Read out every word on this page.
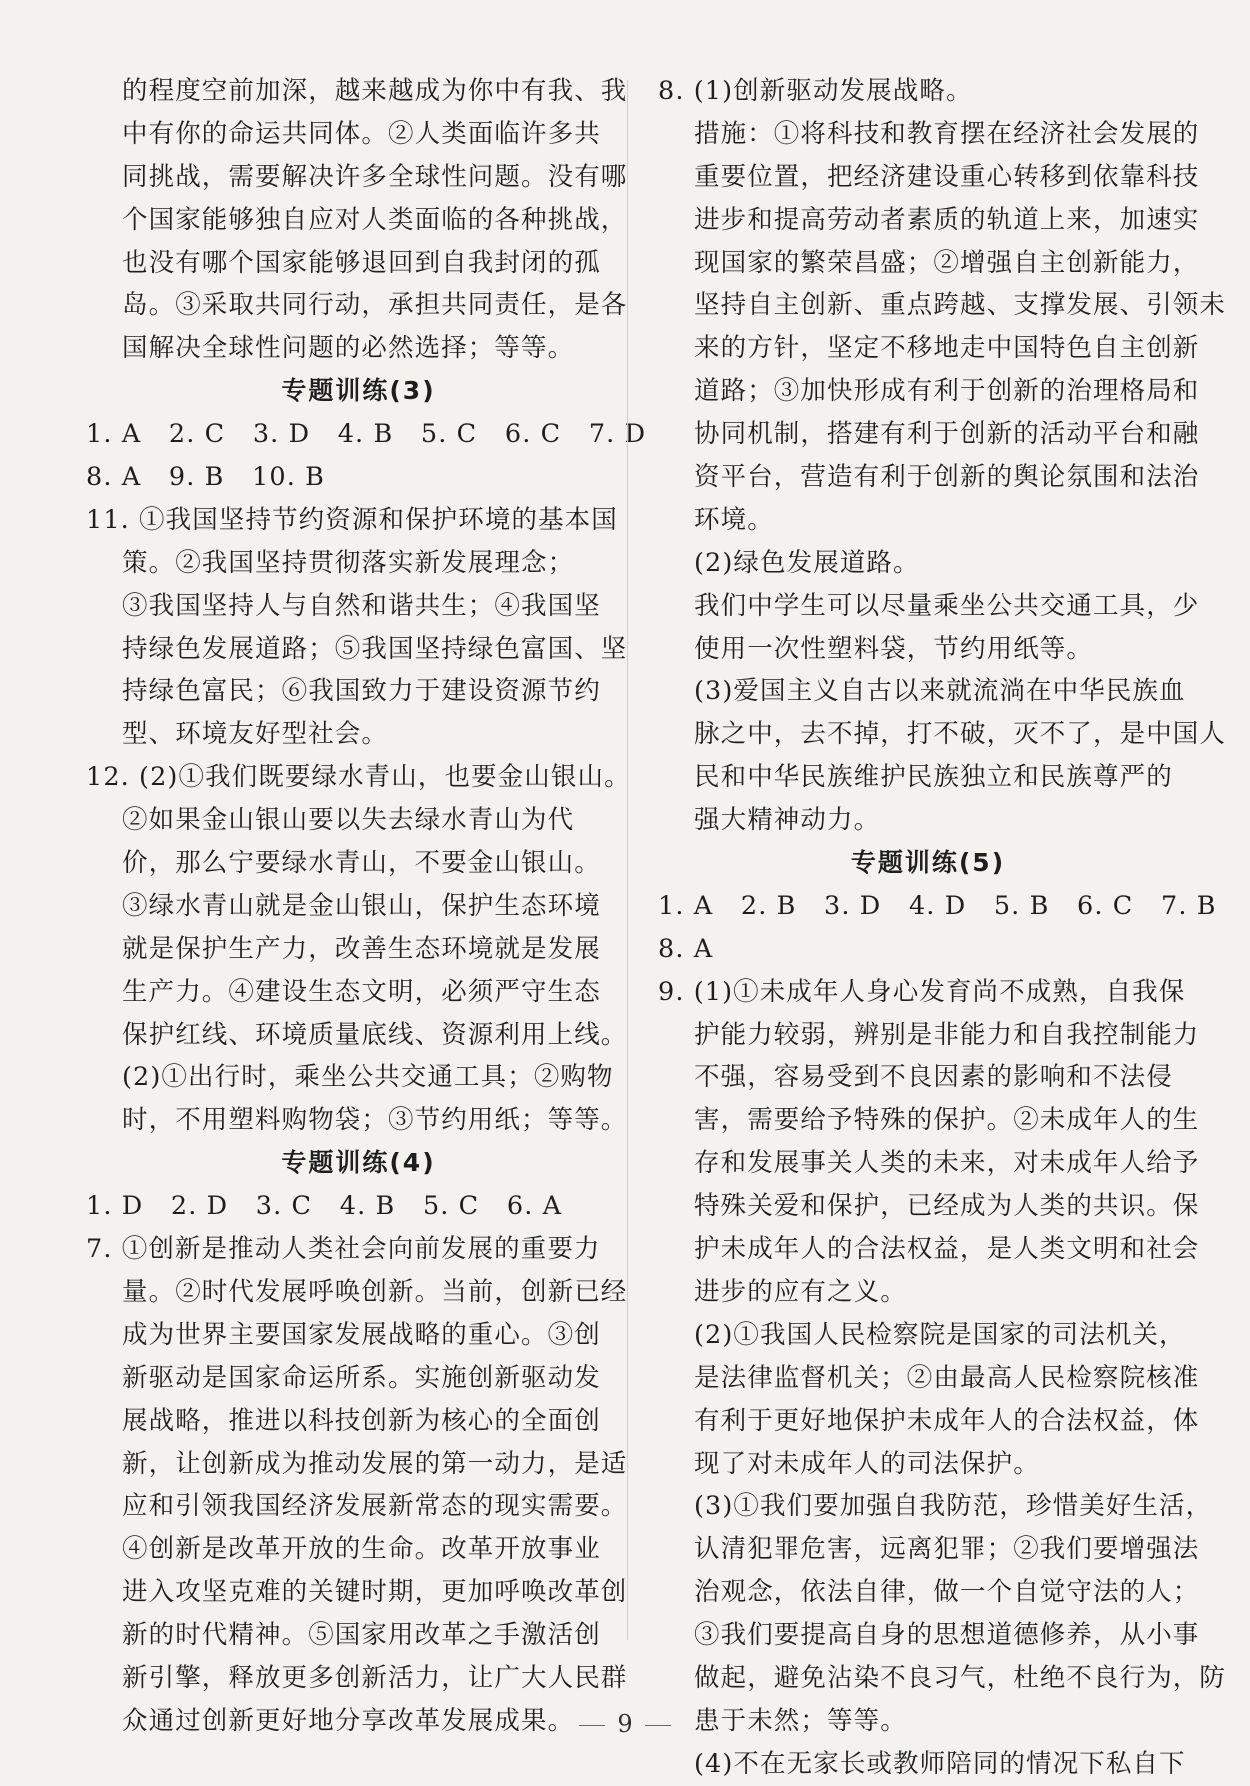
的程度空前加深，越来越成为你中有我、我
中有你的命运共同体。②人类面临许多共
同挑战，需要解决许多全球性问题。没有哪
个国家能够独自应对人类面临的各种挑战，
也没有哪个国家能够退回到自我封闭的孤
岛。③采取共同行动，承担共同责任，是各
国解决全球性问题的必然选择；等等。
专题训练(3)
1. A   2. C   3. D   4. B   5. C   6. C   7. D
8. A   9. B   10. B
11. ①我国坚持节约资源和保护环境的基本国
策。②我国坚持贯彻落实新发展理念；
③我国坚持人与自然和谐共生；④我国坚
持绿色发展道路；⑤我国坚持绿色富国、坚
持绿色富民；⑥我国致力于建设资源节约
型、环境友好型社会。
12. (2)①我们既要绿水青山，也要金山银山。
②如果金山银山要以失去绿水青山为代
价，那么宁要绿水青山，不要金山银山。
③绿水青山就是金山银山，保护生态环境
就是保护生产力，改善生态环境就是发展
生产力。④建设生态文明，必须严守生态
保护红线、环境质量底线、资源利用上线。
(2)①出行时，乘坐公共交通工具；②购物
时，不用塑料购物袋；③节约用纸；等等。
专题训练(4)
1. D   2. D   3. C   4. B   5. C   6. A
7. ①创新是推动人类社会向前发展的重要力
量。②时代发展呼唤创新。当前，创新已经
成为世界主要国家发展战略的重心。③创
新驱动是国家命运所系。实施创新驱动发
展战略，推进以科技创新为核心的全面创
新，让创新成为推动发展的第一动力，是适
应和引领我国经济发展新常态的现实需要。
④创新是改革开放的生命。改革开放事业
进入攻坚克难的关键时期，更加呼唤改革创
新的时代精神。⑤国家用改革之手激活创
新引擎，释放更多创新活力，让广大人民群
众通过创新更好地分享改革发展成果。
8. (1)创新驱动发展战略。
措施：①将科技和教育摆在经济社会发展的
重要位置，把经济建设重心转移到依靠科技
进步和提高劳动者素质的轨道上来，加速实
现国家的繁荣昌盛；②增强自主创新能力，
坚持自主创新、重点跨越、支撑发展、引领未
来的方针，坚定不移地走中国特色自主创新
道路；③加快形成有利于创新的治理格局和
协同机制，搭建有利于创新的活动平台和融
资平台，营造有利于创新的舆论氛围和法治
环境。
(2)绿色发展道路。
我们中学生可以尽量乘坐公共交通工具，少
使用一次性塑料袋，节约用纸等。
(3)爱国主义自古以来就流淌在中华民族血
脉之中，去不掉，打不破，灭不了，是中国人
民和中华民族维护民族独立和民族尊严的
强大精神动力。
专题训练(5)
1. A   2. B   3. D   4. D   5. B   6. C   7. B
8. A
9. (1)①未成年人身心发育尚不成熟，自我保
护能力较弱，辨别是非能力和自我控制能力
不强，容易受到不良因素的影响和不法侵
害，需要给予特殊的保护。②未成年人的生
存和发展事关人类的未来，对未成年人给予
特殊关爱和保护，已经成为人类的共识。保
护未成年人的合法权益，是人类文明和社会
进步的应有之义。
(2)①我国人民检察院是国家的司法机关，
是法律监督机关；②由最高人民检察院核准
有利于更好地保护未成年人的合法权益，体
现了对未成年人的司法保护。
(3)①我们要加强自我防范，珍惜美好生活，
认清犯罪危害，远离犯罪；②我们要增强法
治观念，依法自律，做一个自觉守法的人；
③我们要提高自身的思想道德修养，从小事
做起，避免沾染不良习气，杜绝不良行为，防
患于未然；等等。
(4)不在无家长或教师陪同的情况下私自下
9
